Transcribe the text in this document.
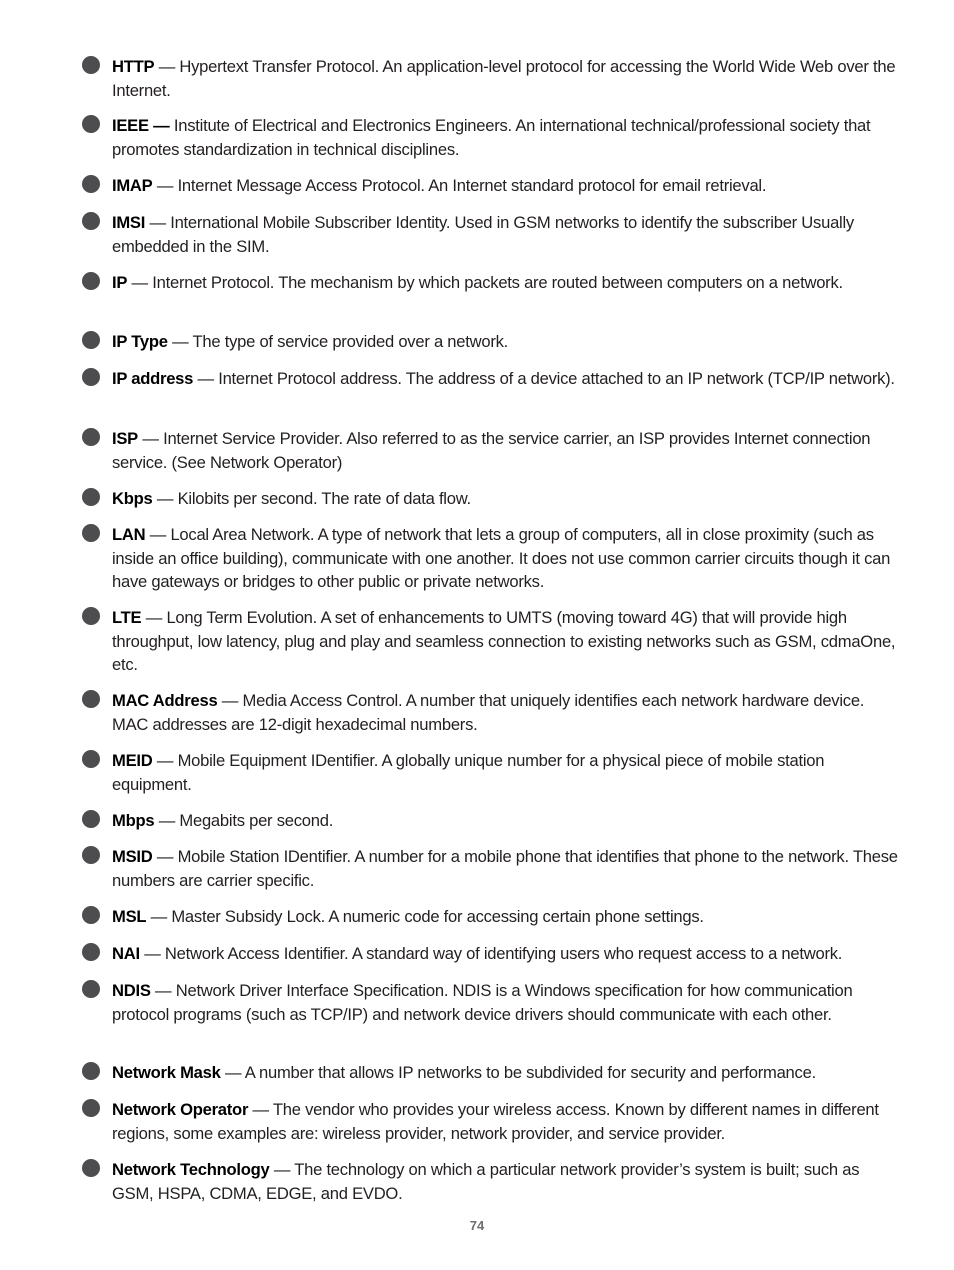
HTTP — Hypertext Transfer Protocol. An application-level protocol for accessing the World Wide Web over the Internet.
IEEE — Institute of Electrical and Electronics Engineers. An international technical/professional society that promotes standardization in technical disciplines.
IMAP — Internet Message Access Protocol. An Internet standard protocol for email retrieval.
IMSI — International Mobile Subscriber Identity. Used in GSM networks to identify the subscriber Usually embedded in the SIM.
IP — Internet Protocol. The mechanism by which packets are routed between computers on a network.
IP Type — The type of service provided over a network.
IP address — Internet Protocol address. The address of a device attached to an IP network (TCP/IP network).
ISP — Internet Service Provider. Also referred to as the service carrier, an ISP provides Internet connection service. (See Network Operator)
Kbps — Kilobits per second. The rate of data flow.
LAN — Local Area Network. A type of network that lets a group of computers, all in close proximity (such as inside an office building), communicate with one another. It does not use common carrier circuits though it can have gateways or bridges to other public or private networks.
LTE — Long Term Evolution. A set of enhancements to UMTS (moving toward 4G) that will provide high throughput, low latency, plug and play and seamless connection to existing networks such as GSM, cdmaOne, etc.
MAC Address — Media Access Control. A number that uniquely identifies each network hardware device. MAC addresses are 12-digit hexadecimal numbers.
MEID — Mobile Equipment IDentifier. A globally unique number for a physical piece of mobile station equipment.
Mbps — Megabits per second.
MSID — Mobile Station IDentifier. A number for a mobile phone that identifies that phone to the network. These numbers are carrier specific.
MSL — Master Subsidy Lock. A numeric code for accessing certain phone settings.
NAI — Network Access Identifier. A standard way of identifying users who request access to a network.
NDIS — Network Driver Interface Specification. NDIS is a Windows specification for how communication protocol programs (such as TCP/IP) and network device drivers should communicate with each other.
Network Mask — A number that allows IP networks to be subdivided for security and performance.
Network Operator — The vendor who provides your wireless access. Known by different names in different regions, some examples are: wireless provider, network provider, and service provider.
Network Technology — The technology on which a particular network provider’s system is built; such as GSM, HSPA, CDMA, EDGE, and EVDO.
74
